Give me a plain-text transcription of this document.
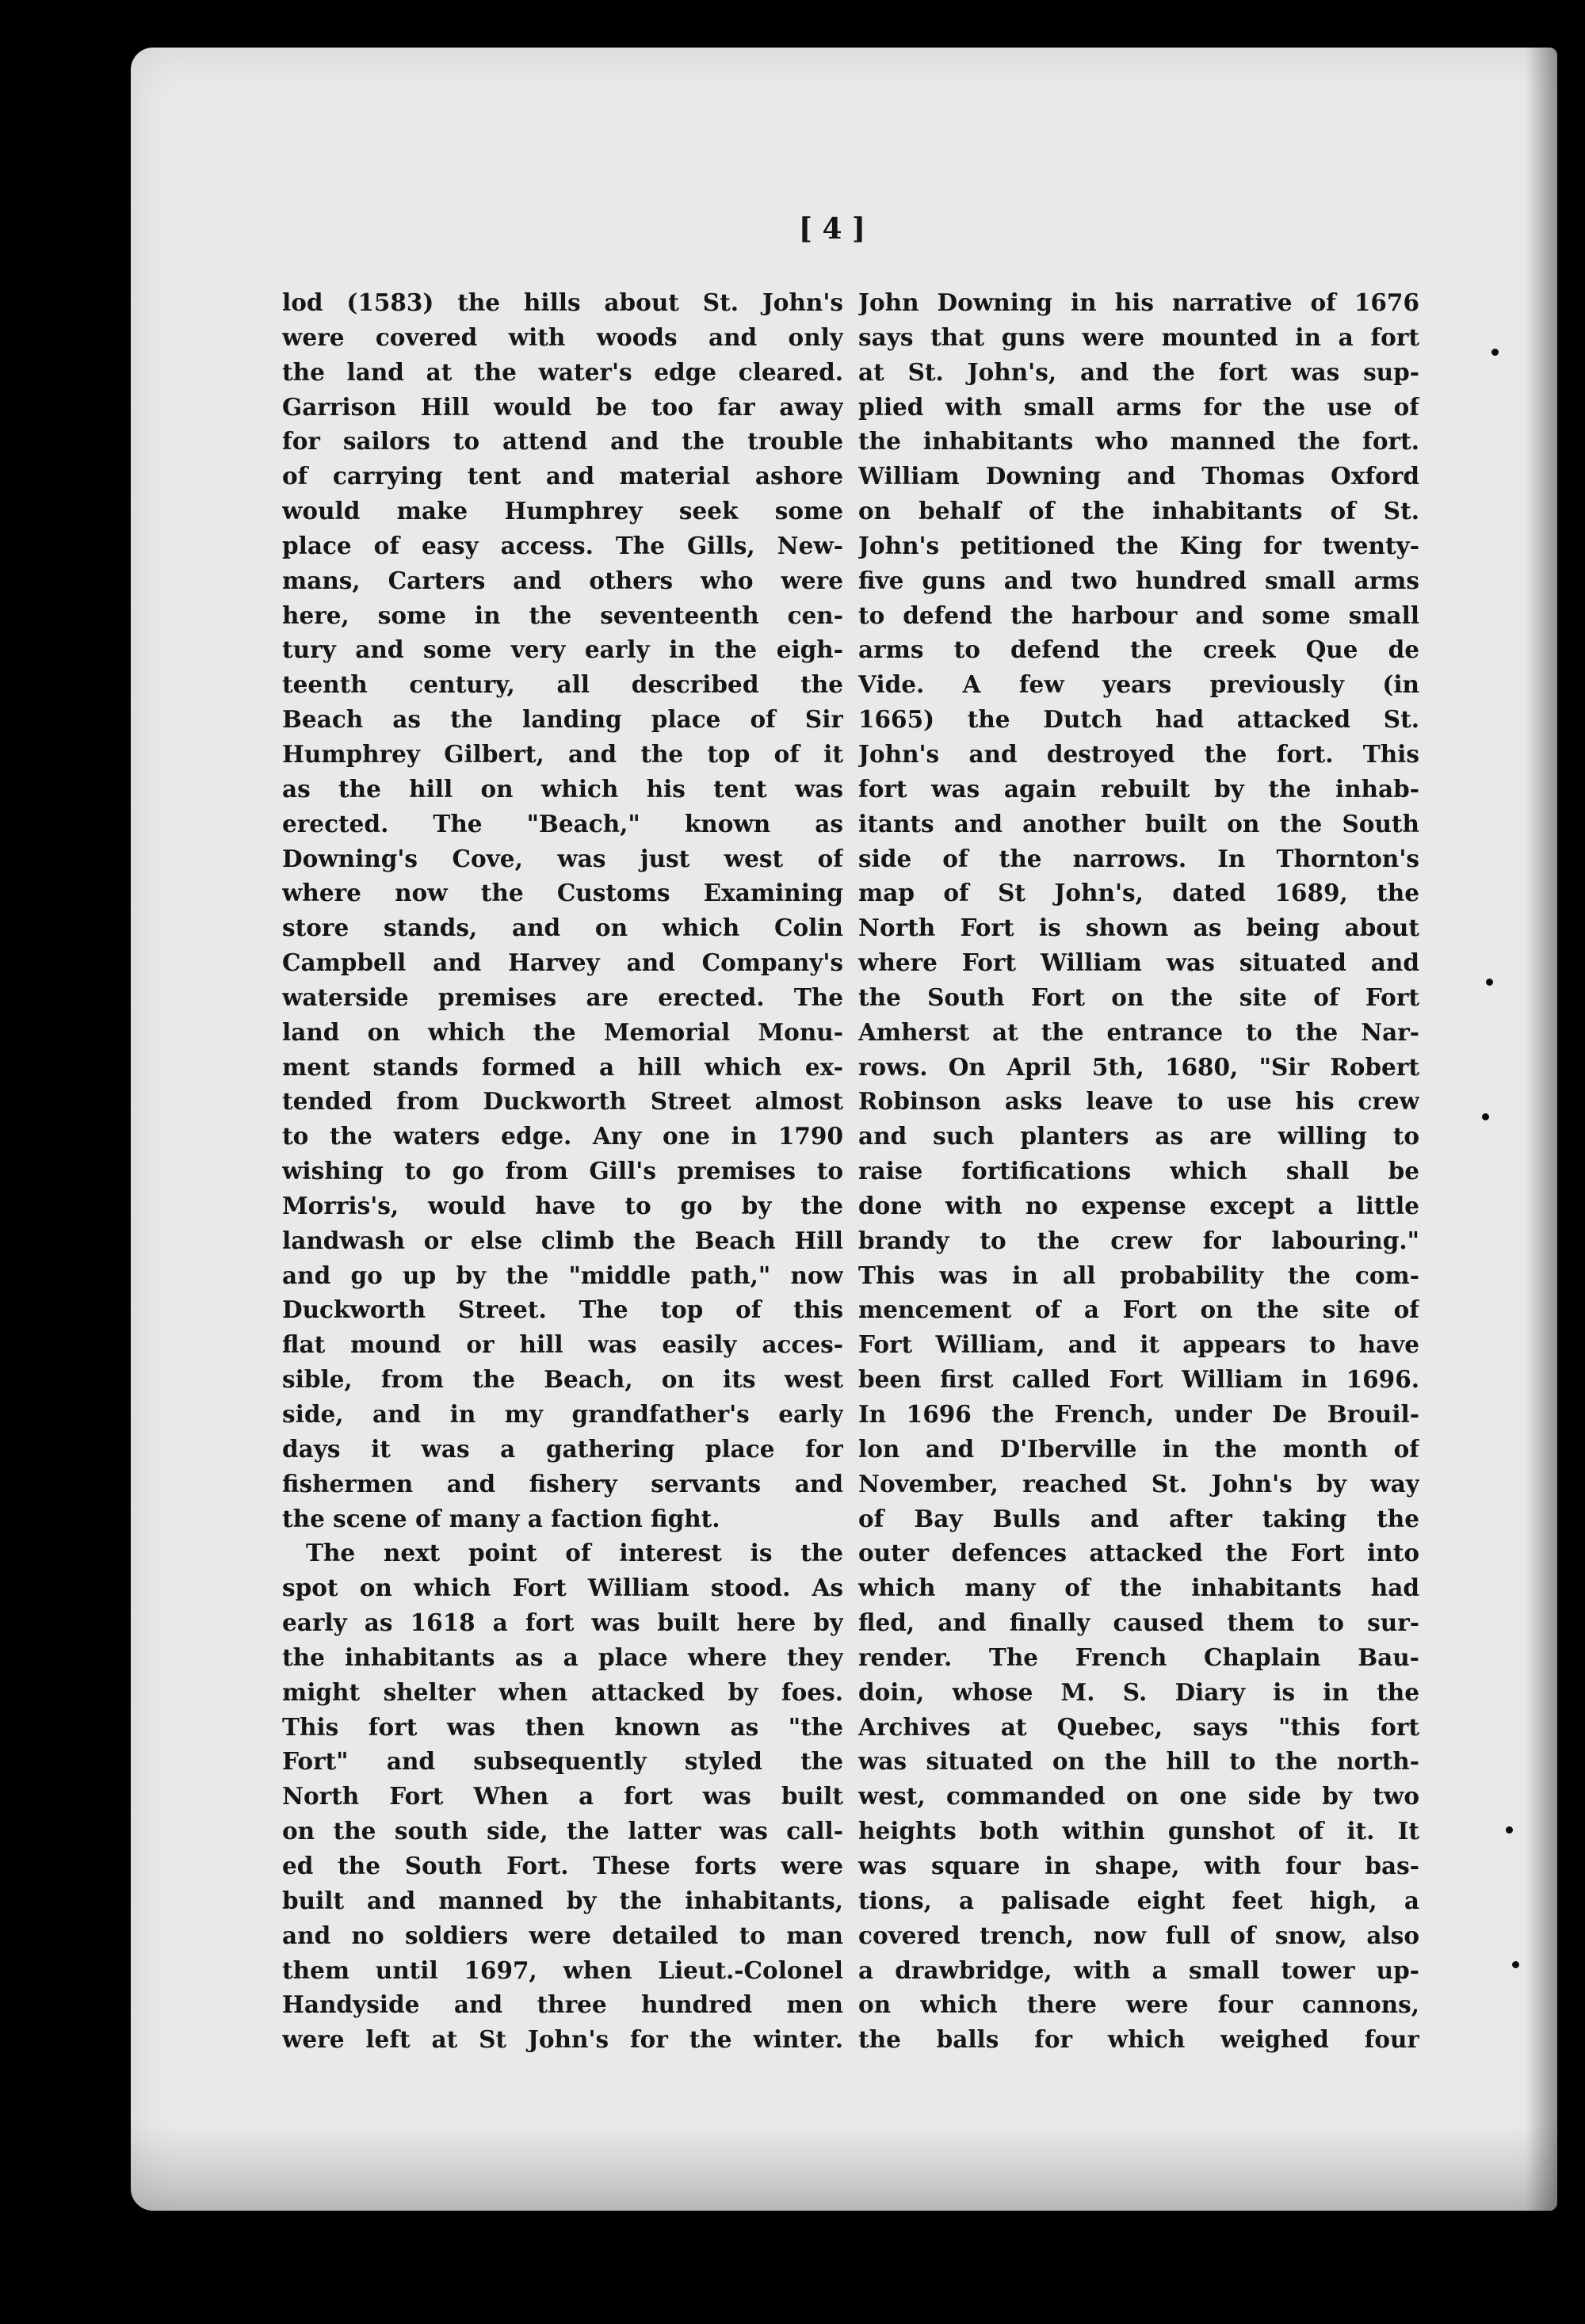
[ 4 ]
lod (1583) the hills about St. John's
were covered with woods and only
the land at the water's edge cleared.
Garrison Hill would be too far away
for sailors to attend and the trouble
of carrying tent and material ashore
would make Humphrey seek some
place of easy access. The Gills, New-
mans, Carters and others who were
here, some in the seventeenth cen-
tury and some very early in the eigh-
teenth century, all described the
Beach as the landing place of Sir
Humphrey Gilbert, and the top of it
as the hill on which his tent was
erected. The "Beach," known as
Downing's Cove, was just west of
where now the Customs Examining
store stands, and on which Colin
Campbell and Harvey and Company's
waterside premises are erected. The
land on which the Memorial Monu-
ment stands formed a hill which ex-
tended from Duckworth Street almost
to the waters edge. Any one in 1790
wishing to go from Gill's premises to
Morris's, would have to go by the
landwash or else climb the Beach Hill
and go up by the "middle path," now
Duckworth Street. The top of this
flat mound or hill was easily acces-
sible, from the Beach, on its west
side, and in my grandfather's early
days it was a gathering place for
fishermen and fishery servants and
the scene of many a faction fight.
The next point of interest is the
spot on which Fort William stood. As
early as 1618 a fort was built here by
the inhabitants as a place where they
might shelter when attacked by foes.
This fort was then known as "the
Fort" and subsequently styled the
North Fort When a fort was built
on the south side, the latter was call-
ed the South Fort. These forts were
built and manned by the inhabitants,
and no soldiers were detailed to man
them until 1697, when Lieut.-Colonel
Handyside and three hundred men
were left at St John's for the winter.
John Downing in his narrative of 1676
says that guns were mounted in a fort
at St. John's, and the fort was sup-
plied with small arms for the use of
the inhabitants who manned the fort.
William Downing and Thomas Oxford
on behalf of the inhabitants of St.
John's petitioned the King for twenty-
five guns and two hundred small arms
to defend the harbour and some small
arms to defend the creek Que de
Vide. A few years previously (in
1665) the Dutch had attacked St.
John's and destroyed the fort. This
fort was again rebuilt by the inhab-
itants and another built on the South
side of the narrows. In Thornton's
map of St John's, dated 1689, the
North Fort is shown as being about
where Fort William was situated and
the South Fort on the site of Fort
Amherst at the entrance to the Nar-
rows. On April 5th, 1680, "Sir Robert
Robinson asks leave to use his crew
and such planters as are willing to
raise fortifications which shall be
done with no expense except a little
brandy to the crew for labouring."
This was in all probability the com-
mencement of a Fort on the site of
Fort William, and it appears to have
been first called Fort William in 1696.
In 1696 the French, under De Brouil-
lon and D'Iberville in the month of
November, reached St. John's by way
of Bay Bulls and after taking the
outer defences attacked the Fort into
which many of the inhabitants had
fled, and finally caused them to sur-
render. The French Chaplain Bau-
doin, whose M. S. Diary is in the
Archives at Quebec, says "this fort
was situated on the hill to the north-
west, commanded on one side by two
heights both within gunshot of it. It
was square in shape, with four bas-
tions, a palisade eight feet high, a
covered trench, now full of snow, also
a drawbridge, with a small tower up-
on which there were four cannons,
the balls for which weighed four
